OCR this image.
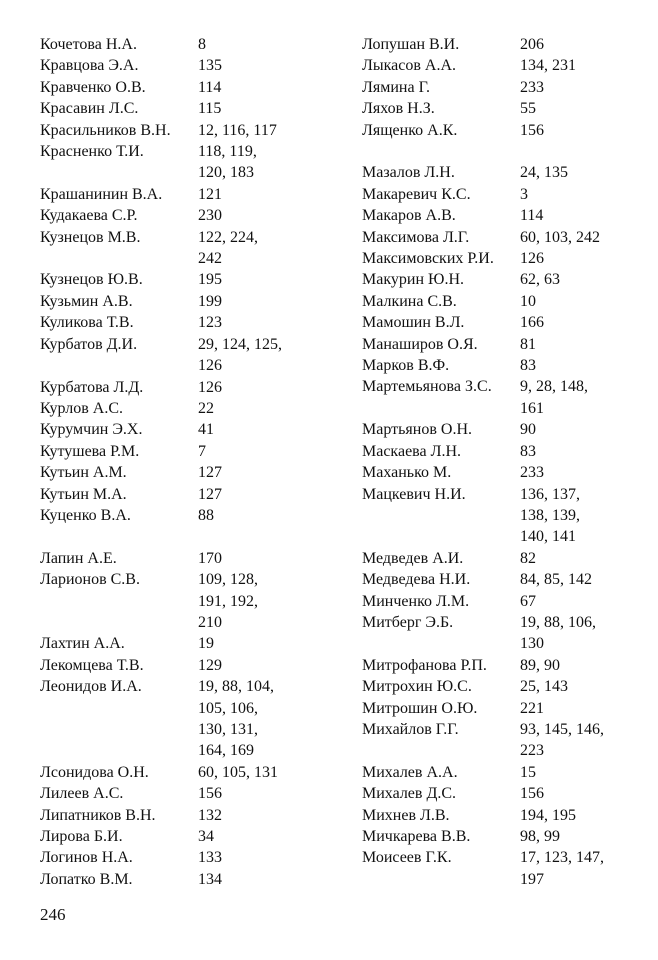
Кочетова Н.А.	8
Кравцова Э.А.	135
Кравченко О.В.	114
Красавин Л.С.	115
Красильников В.Н.	12, 116, 117
Красненко Т.И.	118, 119,
120, 183
Крашанинин В.А.	121
Кудакаева С.Р.	230
Кузнецов М.В.	122, 224,
242
Кузнецов Ю.В.	195
Кузьмин А.В.	199
Куликова Т.В.	123
Курбатов Д.И.	29, 124, 125,
126
Курбатова Л.Д.	126
Курлов А.С.	22
Курумчин Э.Х.	41
Кутушева Р.М.	7
Кутьин А.М.	127
Кутьин М.А.	127
Куценко В.А.	88
Лапин А.Е.	170
Ларионов С.В.	109, 128,
191, 192,
210
Лахтин А.А.	19
Лекомцева Т.В.	129
Леонидов И.А.	19, 88, 104,
105, 106,
130, 131,
164, 169
Лсонидова О.Н.	60, 105, 131
Лилеев А.С.	156
Липатников В.Н.	132
Лирова Б.И.	34
Логинов Н.А.	133
Лопатко В.М.	134
Лопушан В.И.	206
Лыкасов А.А.	134, 231
Лямина Г.	233
Ляхов Н.З.	55
Лященко А.К.	156
Мазалов Л.Н.	24, 135
Макаревич К.С.	3
Макаров А.В.	114
Максимова Л.Г.	60, 103, 242
Максимовских Р.И.	126
Макурин Ю.Н.	62, 63
Малкина С.В.	10
Мамошин В.Л.	166
Манаширов О.Я.	81
Марков В.Ф.	83
Мартемьянова З.С.	9, 28, 148,
161
Мартьянов О.Н.	90
Маскаева Л.Н.	83
Маханько М.	233
Мацкевич Н.И.	136, 137,
138, 139,
140, 141
Медведев А.И.	82
Медведева Н.И.	84, 85, 142
Минченко Л.М.	67
Митберг Э.Б.	19, 88, 106,
130
Митрофанова Р.П.	89, 90
Митрохин Ю.С.	25, 143
Митрошин О.Ю.	221
Михайлов Г.Г.	93, 145, 146,
223
Михалев А.А.	15
Михалев Д.С.	156
Михнев Л.В.	194, 195
Мичкарева В.В.	98, 99
Моисеев Г.К.	17, 123, 147,
197
246
